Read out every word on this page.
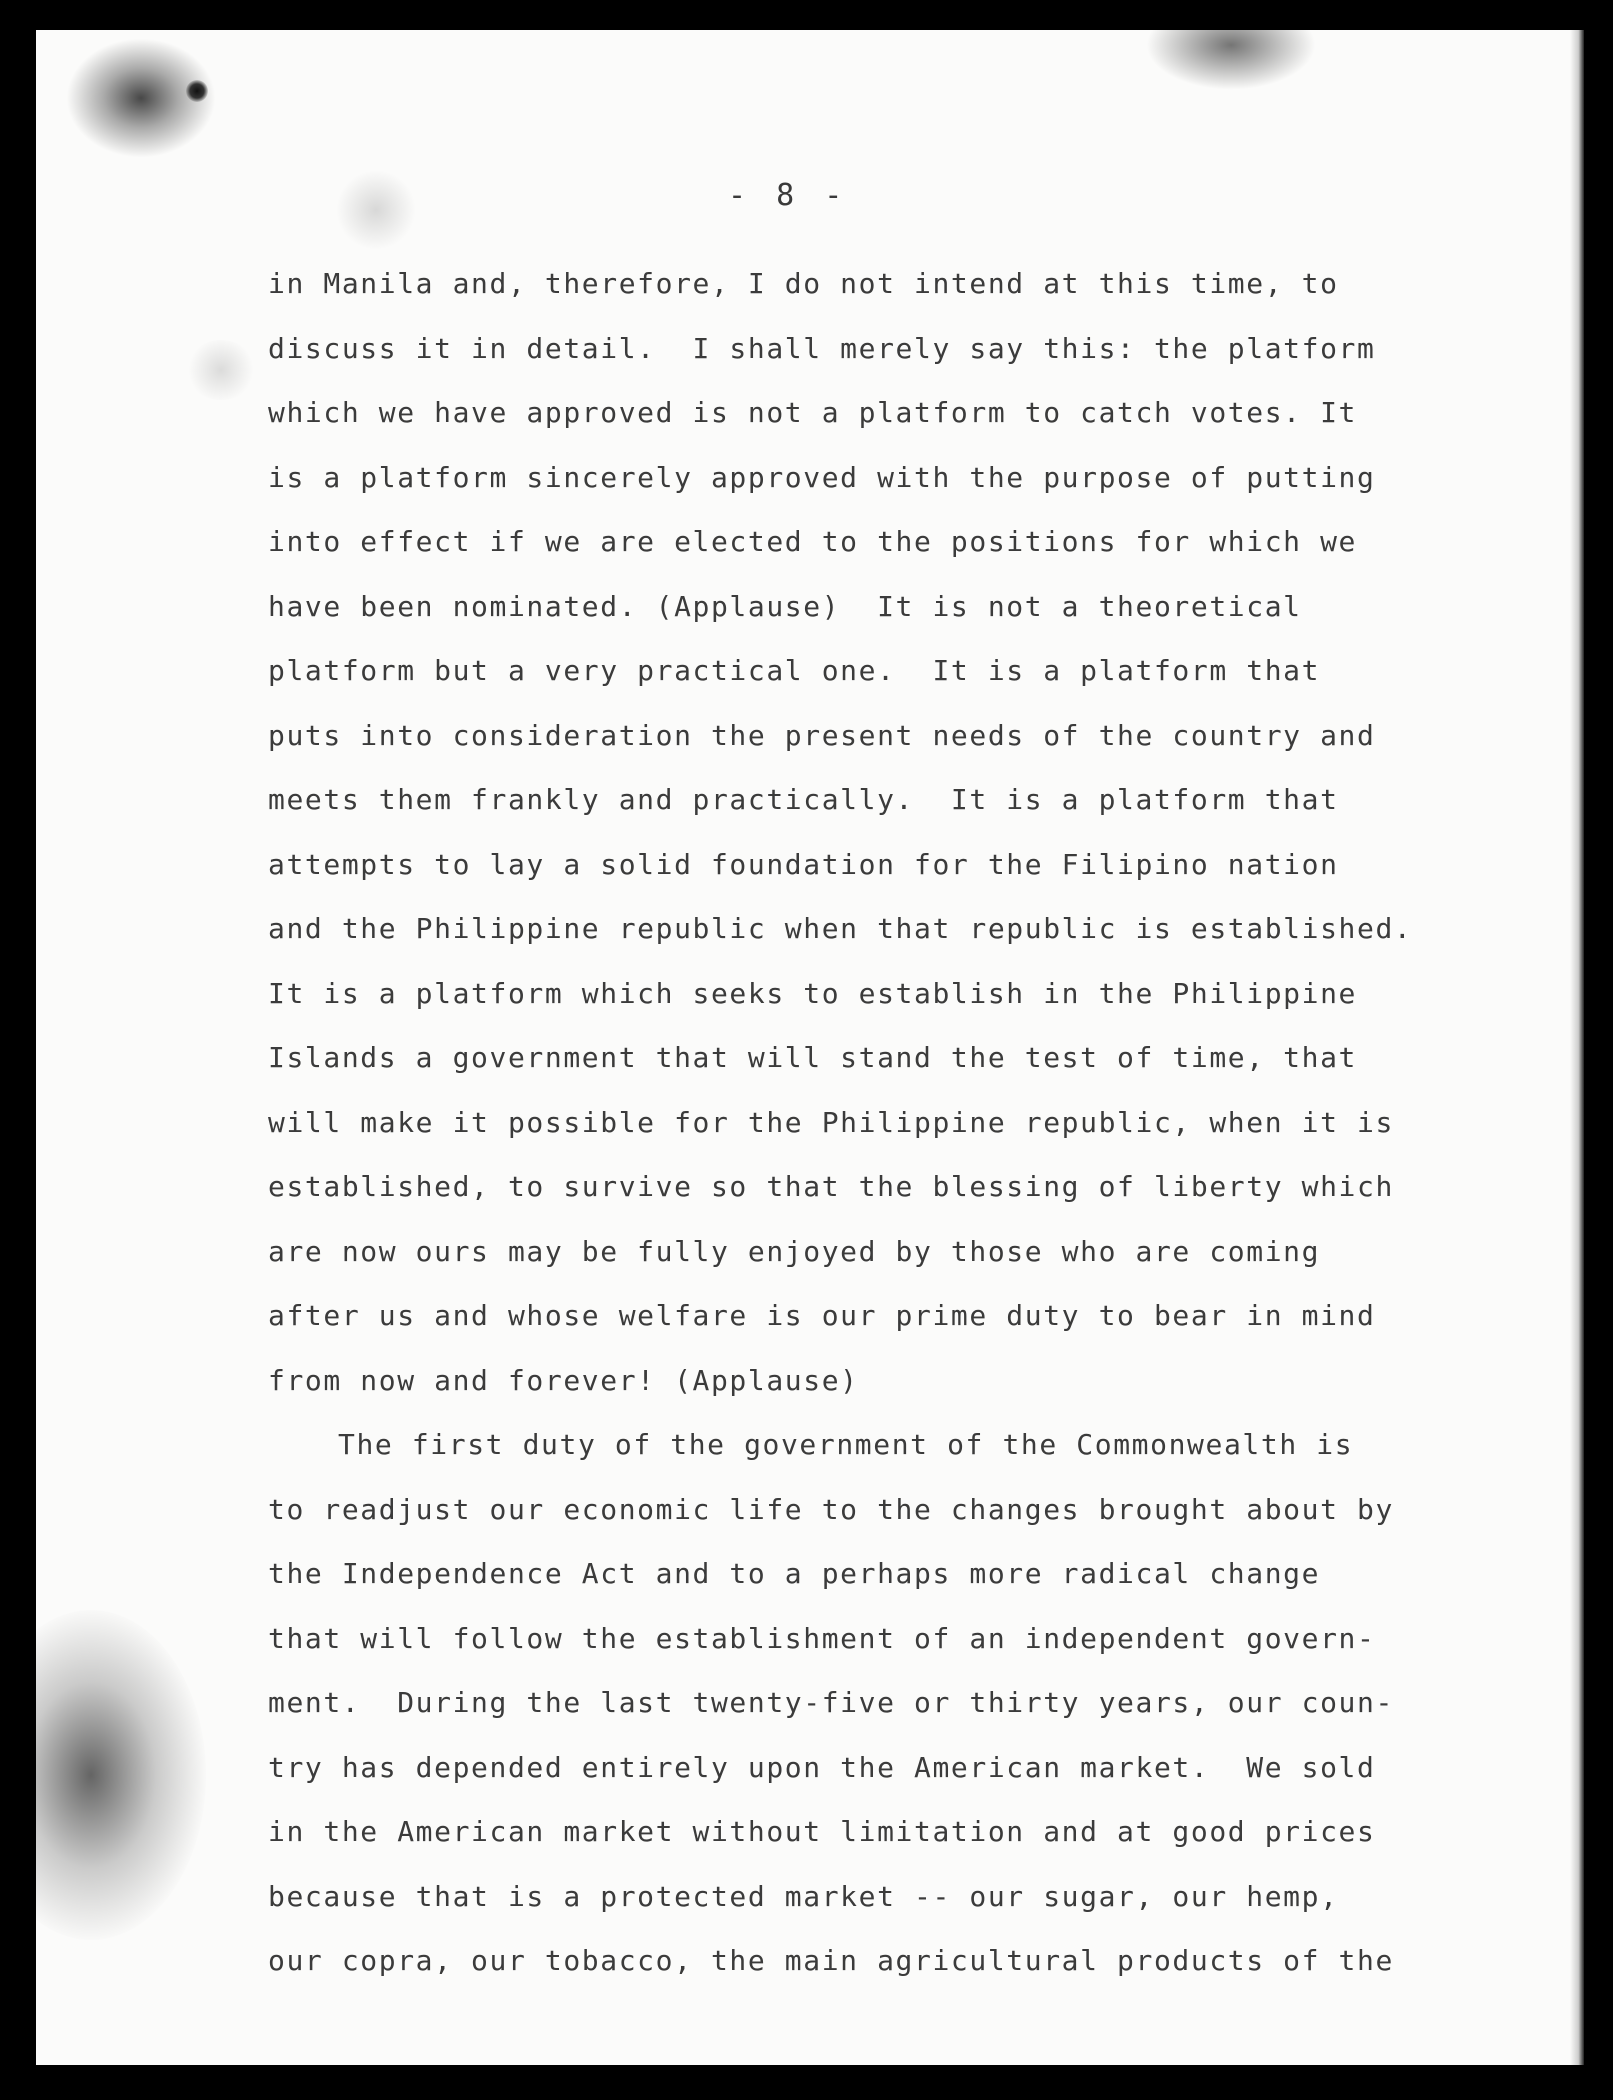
- 8 -
in Manila and, therefore, I do not intend at this time, to
discuss it in detail.  I shall merely say this: the platform
which we have approved is not a platform to catch votes. It
is a platform sincerely approved with the purpose of putting
into effect if we are elected to the positions for which we
have been nominated. (Applause)  It is not a theoretical
platform but a very practical one.  It is a platform that
puts into consideration the present needs of the country and
meets them frankly and practically.  It is a platform that
attempts to lay a solid foundation for the Filipino nation
and the Philippine republic when that republic is established.
It is a platform which seeks to establish in the Philippine
Islands a government that will stand the test of time, that
will make it possible for the Philippine republic, when it is
established, to survive so that the blessing of liberty which
are now ours may be fully enjoyed by those who are coming
after us and whose welfare is our prime duty to bear in mind
from now and forever! (Applause)
The first duty of the government of the Commonwealth is
to readjust our economic life to the changes brought about by
the Independence Act and to a perhaps more radical change
that will follow the establishment of an independent govern-
ment.  During the last twenty-five or thirty years, our coun-
try has depended entirely upon the American market.  We sold
in the American market without limitation and at good prices
because that is a protected market -- our sugar, our hemp,
our copra, our tobacco, the main agricultural products of the
